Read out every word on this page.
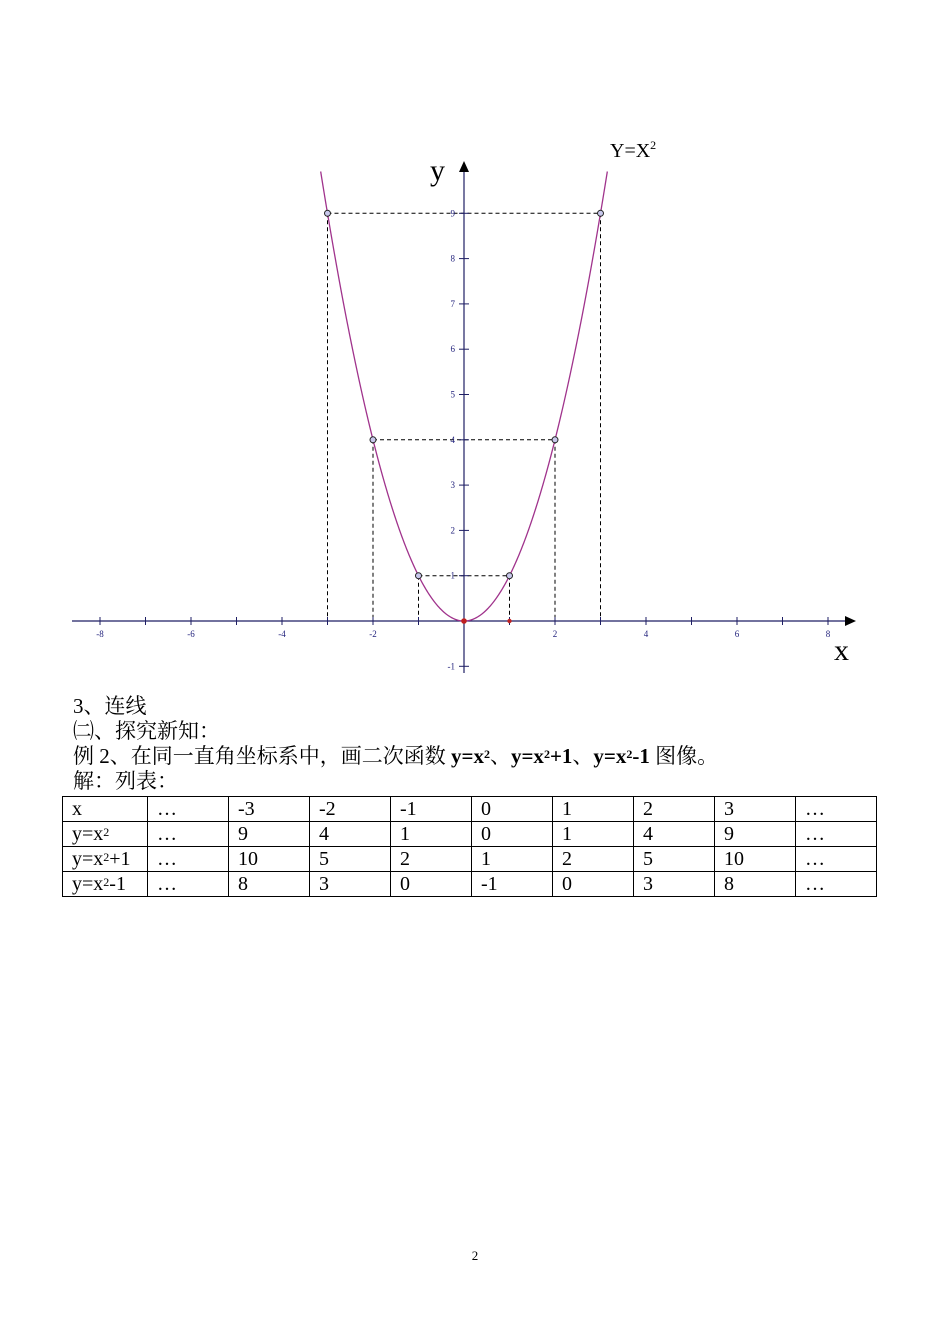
-8	-6	-4	-2	2	4	6	8
-1
1
2
3
4
5
6
7
8
9
y
x
$Y=X^2$
3、连线
㈡、探究新知：
例 2、在同一直角坐标系中，画二次函数 $y=x^2$、$y=x^2+1$、$y=x^2-1$ 图像。
解：列表：
x	…	-3	-2	-1	0	1	2	3	…
$y=x^2$	…	9	4	1	0	1	4	9	…
$y=x^2+1$	…	10	5	2	1	2	5	10	…
$y=x^2-1$	…	8	3	0	-1	0	3	8	…
2
